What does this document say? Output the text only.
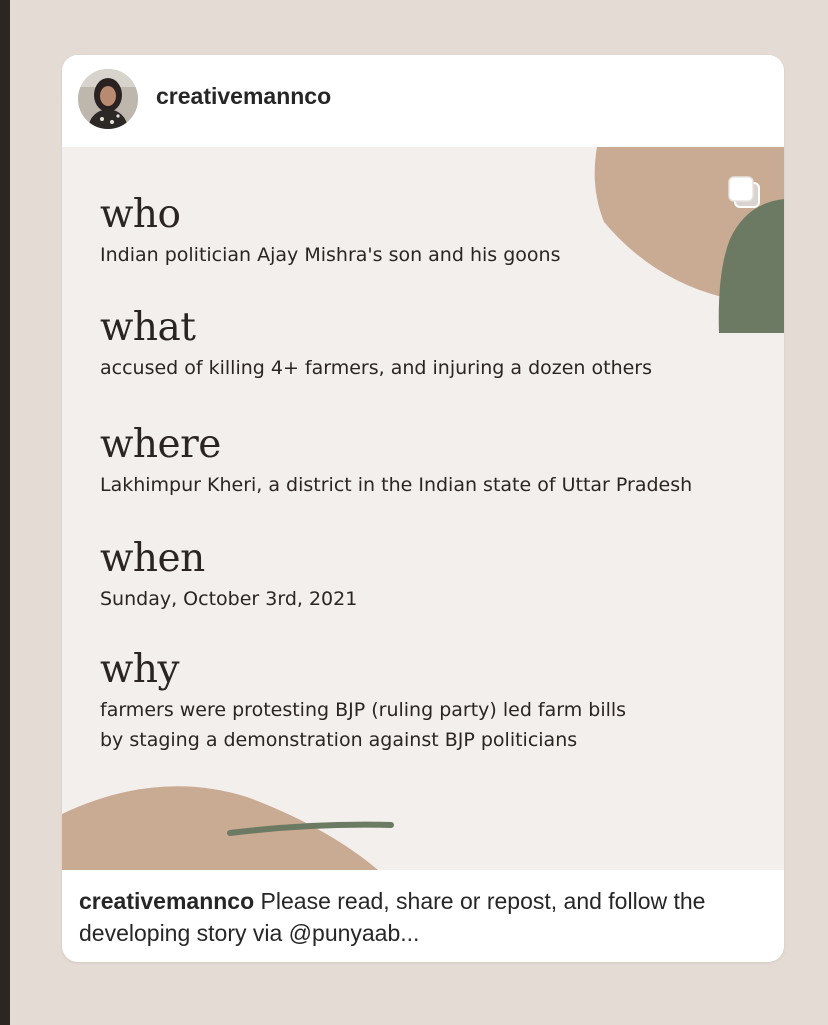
creativemannco
who
Indian politician Ajay Mishra's son and his goons
what
accused of killing 4+ farmers, and injuring a dozen others
where
Lakhimpur Kheri, a district in the Indian state of Uttar Pradesh
when
Sunday, October 3rd, 2021
why
farmers were protesting BJP (ruling party) led farm bills
by staging a demonstration against BJP politicians
creativemannco Please read, share or repost, and follow the developing story via @punyaab...
